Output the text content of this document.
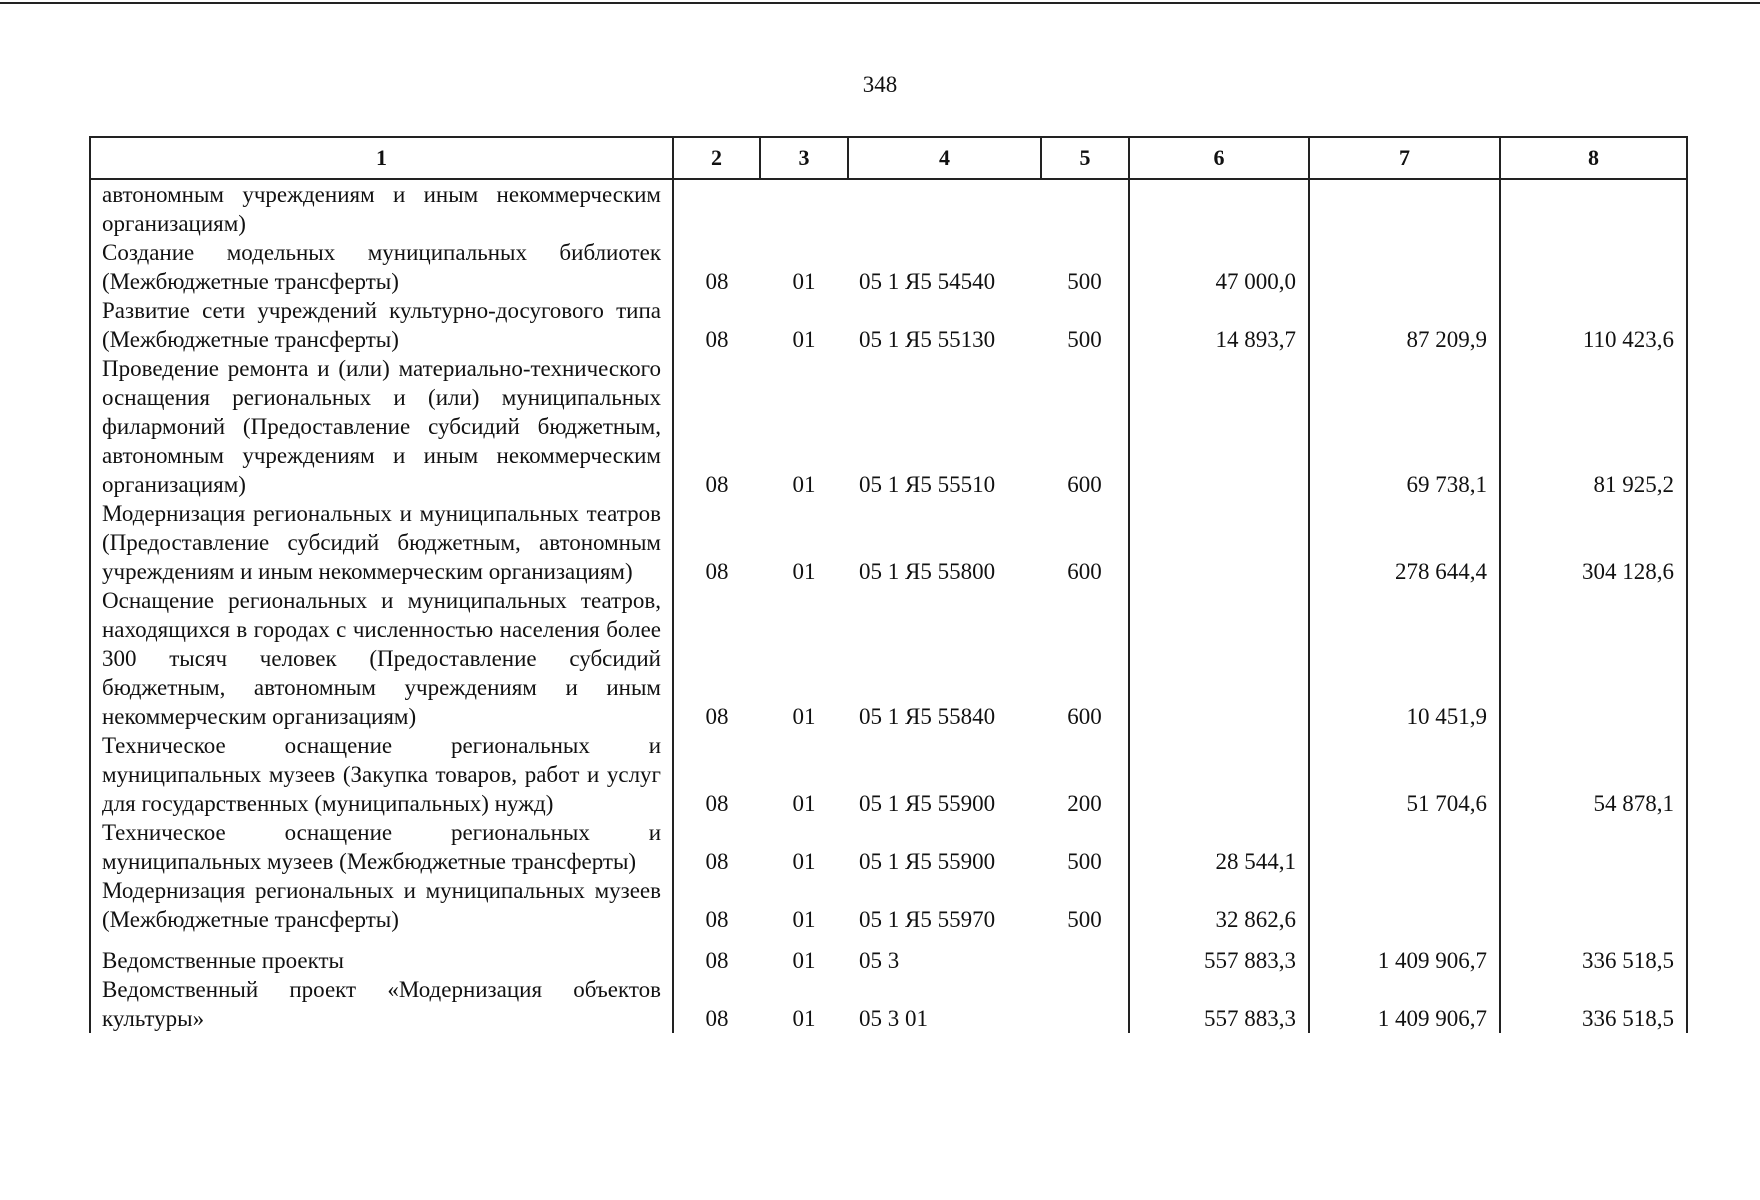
348
1	2	3	4	5	6	7	8
автономным учреждениям и иным некоммерческим организациям)							
Создание модельных муниципальных библиотек (Межбюджетные трансферты)	08	01	05 1 Я5 54540	500	47 000,0		
Развитие сети учреждений культурно-досугового типа (Межбюджетные трансферты)	08	01	05 1 Я5 55130	500	14 893,7	87 209,9	110 423,6
Проведение ремонта и (или) материально-технического оснащения региональных и (или) муниципальных филармоний (Предоставление субсидий бюджетным, автономным учреждениям и иным некоммерческим организациям)	08	01	05 1 Я5 55510	600		69 738,1	81 925,2
Модернизация региональных и муниципальных театров (Предоставление субсидий бюджетным, автономным учреждениям и иным некоммерческим организациям)	08	01	05 1 Я5 55800	600		278 644,4	304 128,6
Оснащение региональных и муниципальных театров, находящихся в городах с численностью населения более 300 тысяч человек (Предоставление субсидий бюджетным, автономным учреждениям и иным некоммерческим организациям)	08	01	05 1 Я5 55840	600		10 451,9	
Техническое оснащение региональных и муниципальных музеев (Закупка товаров, работ и услуг для государственных (муниципальных) нужд)	08	01	05 1 Я5 55900	200		51 704,6	54 878,1
Техническое оснащение региональных и муниципальных музеев (Межбюджетные трансферты)	08	01	05 1 Я5 55900	500	28 544,1		
Модернизация региональных и муниципальных музеев (Межбюджетные трансферты)	08	01	05 1 Я5 55970	500	32 862,6		
Ведомственные проекты	08	01	05 3		557 883,3	1 409 906,7	336 518,5
Ведомственный проект «Модернизация объектов культуры»	08	01	05 3 01		557 883,3	1 409 906,7	336 518,5
